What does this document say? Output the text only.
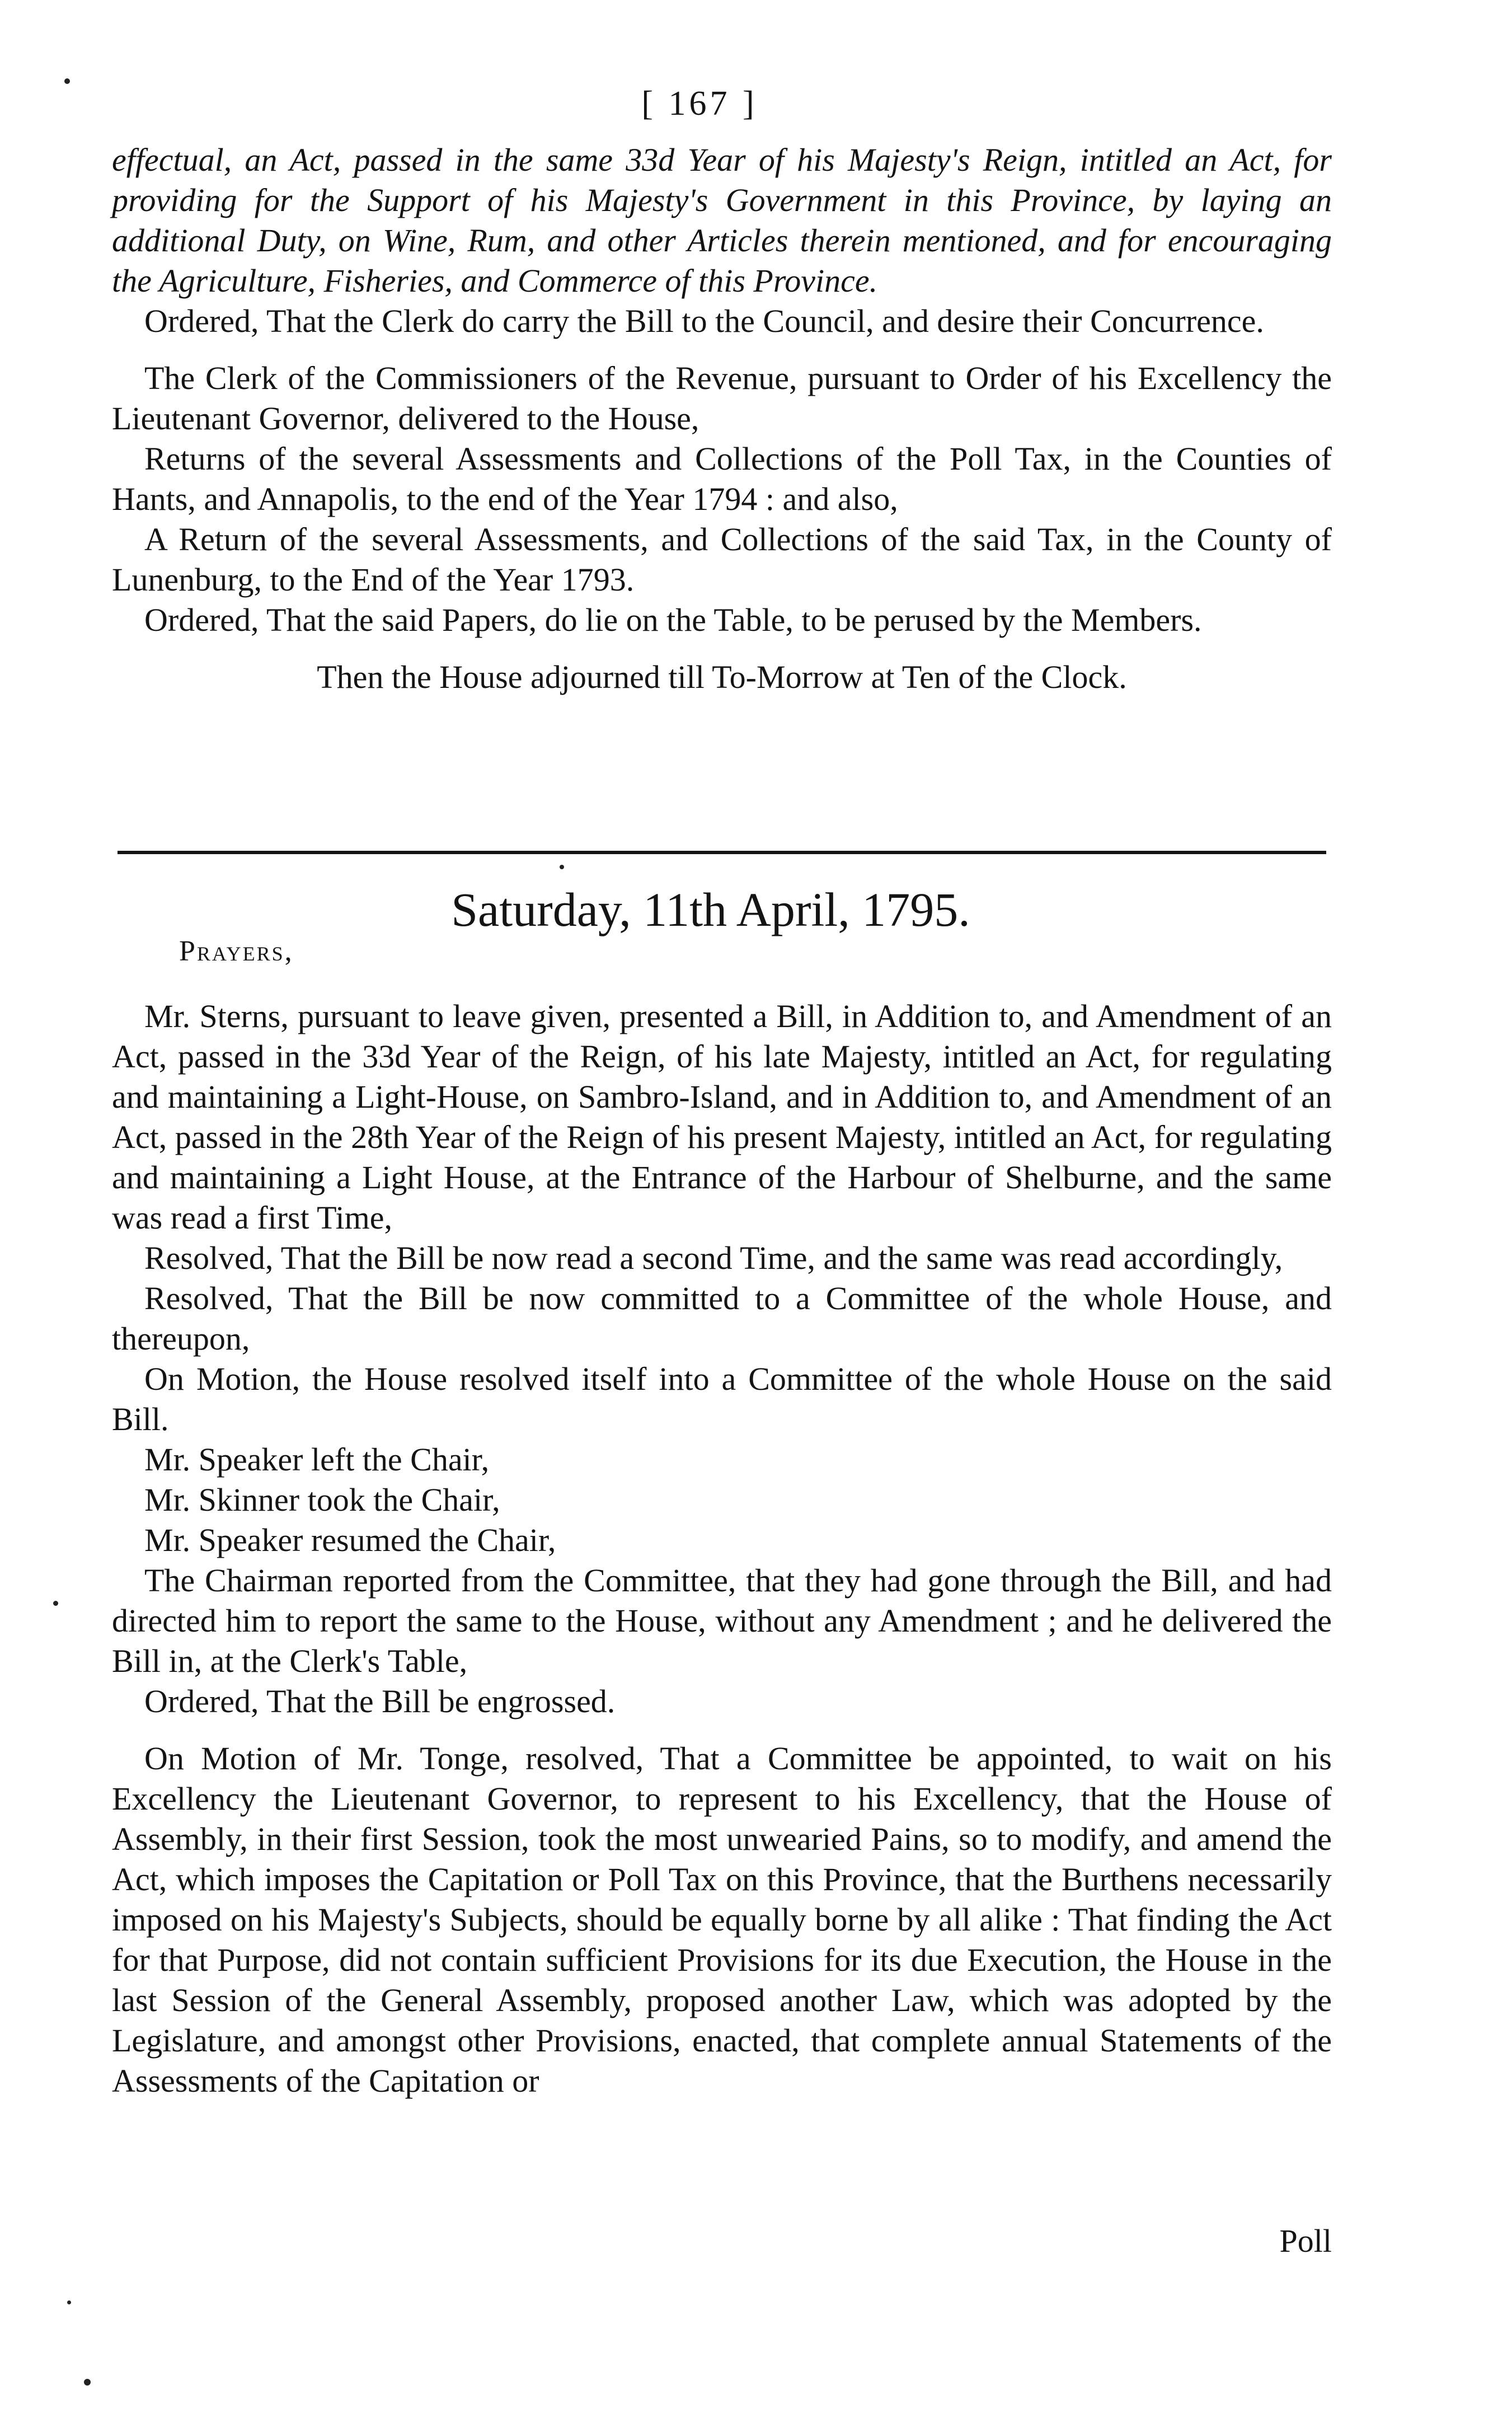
[ 167 ]

effectual, an Act, passed in the same 33d Year of his Majesty's Reign, intitled an Act, for providing for the Support of his Majesty's Government in this Province, by laying an additional Duty, on Wine, Rum, and other Articles therein mentioned, and for encouraging the Agriculture, Fisheries, and Commerce of this Province.

Ordered, That the Clerk do carry the Bill to the Council, and desire their Concurrence.

The Clerk of the Commissioners of the Revenue, pursuant to Order of his Excellency the Lieutenant Governor, delivered to the House,

Returns of the several Assessments and Collections of the Poll Tax, in the Counties of Hants, and Annapolis, to the end of the Year 1794 : and also,

A Return of the several Assessments, and Collections of the said Tax, in the County of Lunenburg, to the End of the Year 1793.

Ordered, That the said Papers, do lie on the Table, to be perused by the Members.

Then the House adjourned till To-Morrow at Ten of the Clock.

Saturday, 11th April, 1795.
Prayers,

Mr. Sterns, pursuant to leave given, presented a Bill, in Addition to, and Amendment of an Act, passed in the 33d Year of the Reign, of his late Majesty, intitled an Act, for regulating and maintaining a Light-House, on Sambro-Island, and in Addition to, and Amendment of an Act, passed in the 28th Year of the Reign of his present Majesty, intitled an Act, for regulating and maintaining a Light House, at the Entrance of the Harbour of Shelburne, and the same was read a first Time,

Resolved, That the Bill be now read a second Time, and the same was read accordingly,

Resolved, That the Bill be now committed to a Committee of the whole House, and thereupon,

On Motion, the House resolved itself into a Committee of the whole House on the said Bill.

Mr. Speaker left the Chair,

Mr. Skinner took the Chair,

Mr. Speaker resumed the Chair,

The Chairman reported from the Committee, that they had gone through the Bill, and had directed him to report the same to the House, without any Amendment ; and he delivered the Bill in, at the Clerk's Table,

Ordered, That the Bill be engrossed.

On Motion of Mr. Tonge, resolved, That a Committee be appointed, to wait on his Excellency the Lieutenant Governor, to represent to his Excellency, that the House of Assembly, in their first Session, took the most unwearied Pains, so to modify, and amend the Act, which imposes the Capitation or Poll Tax on this Province, that the Burthens necessarily imposed on his Majesty's Subjects, should be equally borne by all alike : That finding the Act for that Purpose, did not contain sufficient Provisions for its due Execution, the House in the last Session of the General Assembly, proposed another Law, which was adopted by the Legislature, and amongst other Provisions, enacted, that complete annual Statements of the Assessments of the Capitation or

Poll
